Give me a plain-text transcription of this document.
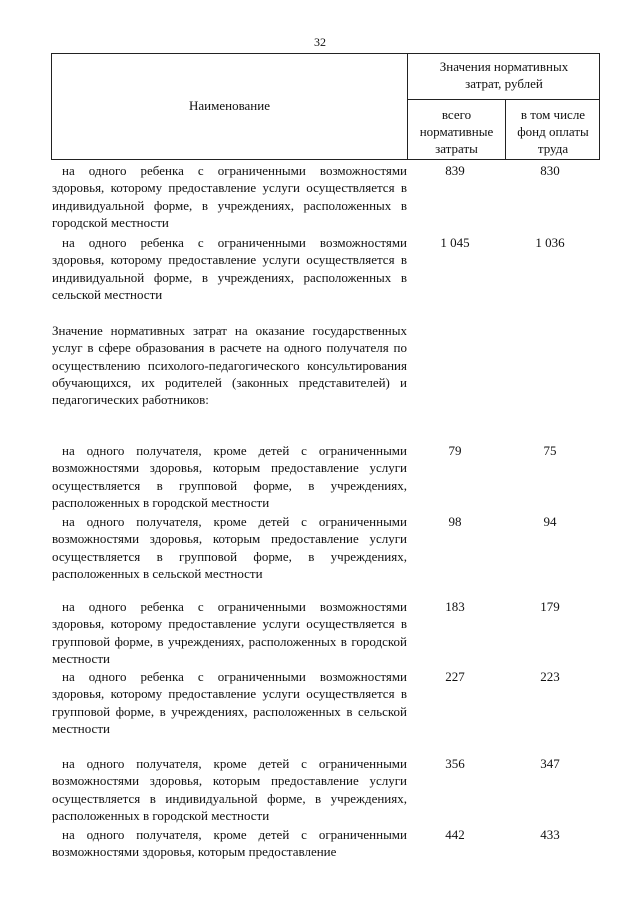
32
Наименование
Значения нормативных затрат, рублей
всего нормативные затраты
в том числе фонд оплаты труда
на одного ребенка с ограниченными возможностями здоровья, которому предоставление услуги осуществляется в индивидуальной форме, в учреждениях, расположенных в городской местности
839	830
на одного ребенка с ограниченными возможностями здоровья, которому предоставление услуги осуществляется в индивидуальной форме, в учреждениях, расположенных в сельской местности
1 045	1 036
Значение нормативных затрат на оказание государственных услуг в сфере образования в расчете на одного получателя по осуществлению психолого-педагогического консультирования обучающихся, их родителей (законных представителей) и педагогических работников:
на одного получателя, кроме детей с ограниченными возможностями здоровья, которым предоставление услуги осуществляется в групповой форме, в учреждениях, расположенных в городской местности
79	75
на одного получателя, кроме детей с ограниченными возможностями здоровья, которым предоставление услуги осуществляется в групповой форме, в учреждениях, расположенных в сельской местности
98	94
на одного ребенка с ограниченными возможностями здоровья, которому предоставление услуги осуществляется в групповой форме, в учреждениях, расположенных в городской местности
183	179
на одного ребенка с ограниченными возможностями здоровья, которому предоставление услуги осуществляется в групповой форме, в учреждениях, расположенных в сельской местности
227	223
на одного получателя, кроме детей с ограниченными возможностями здоровья, которым предоставление услуги осуществляется в индивидуальной форме, в учреждениях, расположенных в городской местности
356	347
на одного получателя, кроме детей с ограниченными возможностями здоровья, которым предоставление
442	433
